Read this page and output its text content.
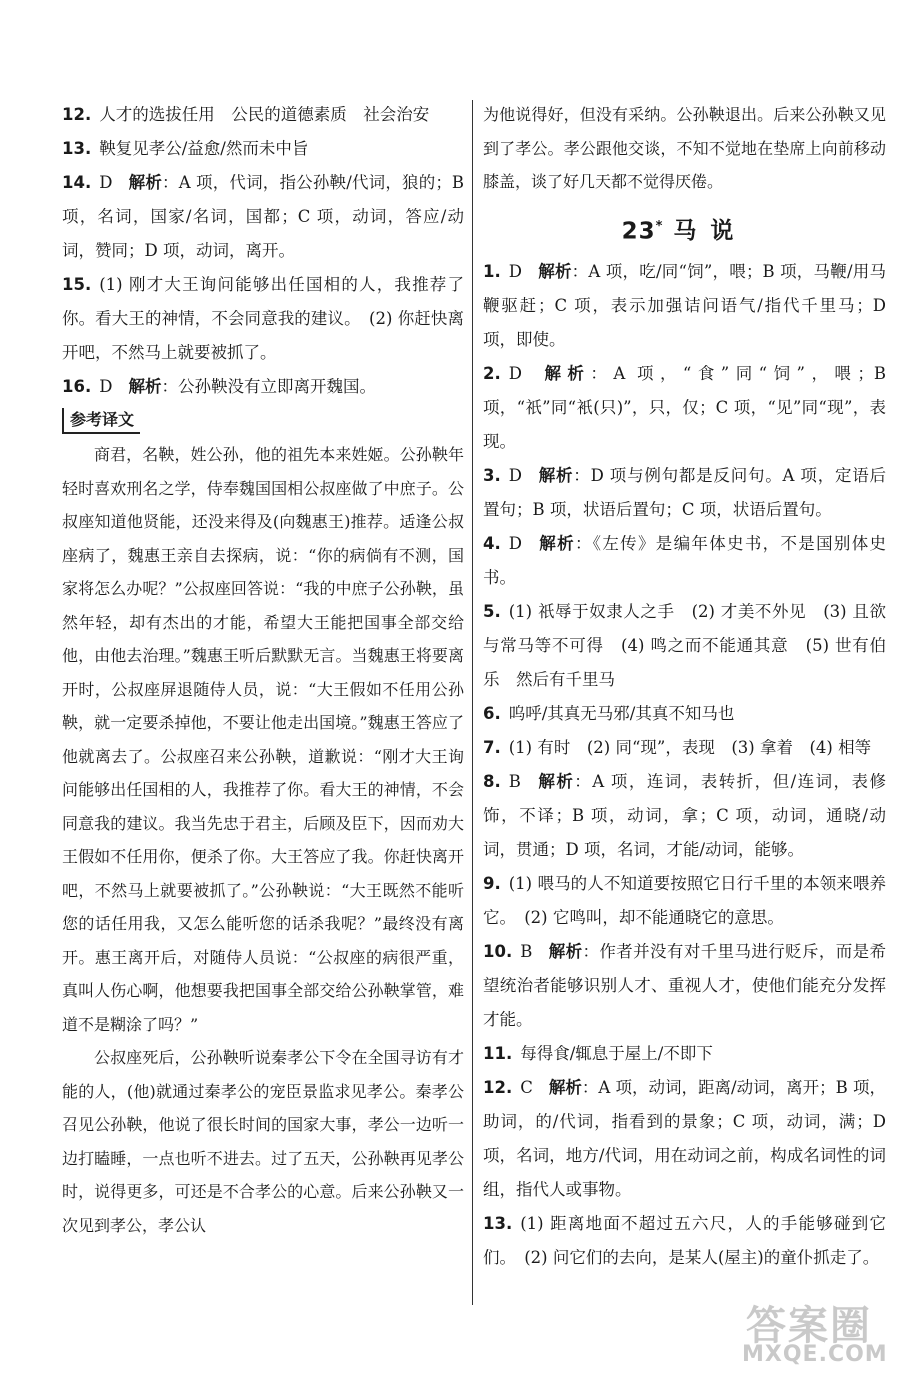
12. 人才的选拔任用　公民的道德素质　社会治安

13. 鞅复见孝公/益愈/然而未中旨

14. D 解析：A 项，代词，指公孙鞅/代词，狼的；B 项，名词，国家/名词，国都；C 项，动词，答应/动词，赞同；D 项，动词，离开。

15. (1) 刚才大王询问能够出任国相的人，我推荐了你。看大王的神情，不会同意我的建议。　(2) 你赶快离开吧，不然马上就要被抓了。

16. D 解析：公孙鞅没有立即离开魏国。

参考译文

商君，名鞅，姓公孙，他的祖先本来姓姬。公孙鞅年轻时喜欢刑名之学，侍奉魏国国相公叔座做了中庶子。公叔座知道他贤能，还没来得及(向魏惠王)推荐。适逢公叔座病了，魏惠王亲自去探病，说：“你的病倘有不测，国家将怎么办呢？”公叔座回答说：“我的中庶子公孙鞅，虽然年轻，却有杰出的才能，希望大王能把国事全部交给他，由他去治理。”魏惠王听后默默无言。当魏惠王将要离开时，公叔座屏退随侍人员，说：“大王假如不任用公孙鞅，就一定要杀掉他，不要让他走出国境。”魏惠王答应了他就离去了。公叔座召来公孙鞅，道歉说：“刚才大王询问能够出任国相的人，我推荐了你。看大王的神情，不会同意我的建议。我当先忠于君主，后顾及臣下，因而劝大王假如不任用你，便杀了你。大王答应了我。你赶快离开吧，不然马上就要被抓了。”公孙鞅说：“大王既然不能听您的话任用我，又怎么能听您的话杀我呢？”最终没有离开。惠王离开后，对随侍人员说：“公叔座的病很严重，真叫人伤心啊，他想要我把国事全部交给公孙鞅掌管，难道不是糊涂了吗？”

公叔座死后，公孙鞅听说秦孝公下令在全国寻访有才能的人，(他)就通过秦孝公的宠臣景监求见孝公。秦孝公召见公孙鞅，他说了很长时间的国家大事，孝公一边听一边打瞌睡，一点也听不进去。过了五天，公孙鞅再见孝公时，说得更多，可还是不合孝公的心意。后来公孙鞅又一次见到孝公，孝公认

为他说得好，但没有采纳。公孙鞅退出。后来公孙鞅又见到了孝公。孝公跟他交谈，不知不觉地在垫席上向前移动膝盖，谈了好几天都不觉得厌倦。

23* 马说

1. D 解析：A 项，吃/同“饲”，喂；B 项，马鞭/用马鞭驱赶；C 项，表示加强诘问语气/指代千里马；D 项，即使。

2. D 解析：A 项，“食”同“饲”，喂；B 项，“祇”同“衹(只)”，只，仅；C 项，“见”同“现”，表现。

3. D 解析：D 项与例句都是反问句。A 项，定语后置句；B 项，状语后置句；C 项，状语后置句。

4. D 解析：《左传》是编年体史书，不是国别体史书。

5. (1) 祇辱于奴隶人之手　(2) 才美不外见　(3) 且欲与常马等不可得　(4) 鸣之而不能通其意　(5) 世有伯乐　然后有千里马

6. 呜呼/其真无马邪/其真不知马也

7. (1) 有时　(2) 同“现”，表现　(3) 拿着　(4) 相等

8. B 解析：A 项，连词，表转折，但/连词，表修饰，不译；B 项，动词，拿；C 项，动词，通晓/动词，贯通；D 项，名词，才能/动词，能够。

9. (1) 喂马的人不知道要按照它日行千里的本领来喂养它。　(2) 它鸣叫，却不能通晓它的意思。

10. B 解析：作者并没有对千里马进行贬斥，而是希望统治者能够识别人才、重视人才，使他们能充分发挥才能。

11. 每得食/辄息于屋上/不即下

12. C 解析：A 项，动词，距离/动词，离开；B 项，助词，的/代词，指看到的景象；C 项，动词，满；D 项，名词，地方/代词，用在动词之前，构成名词性的词组，指代人或事物。

13. (1) 距离地面不超过五六尺，人的手能够碰到它们。　(2) 问它们的去向，是某人(屋主)的童仆抓走了。

答案圈
MXQE.COM
